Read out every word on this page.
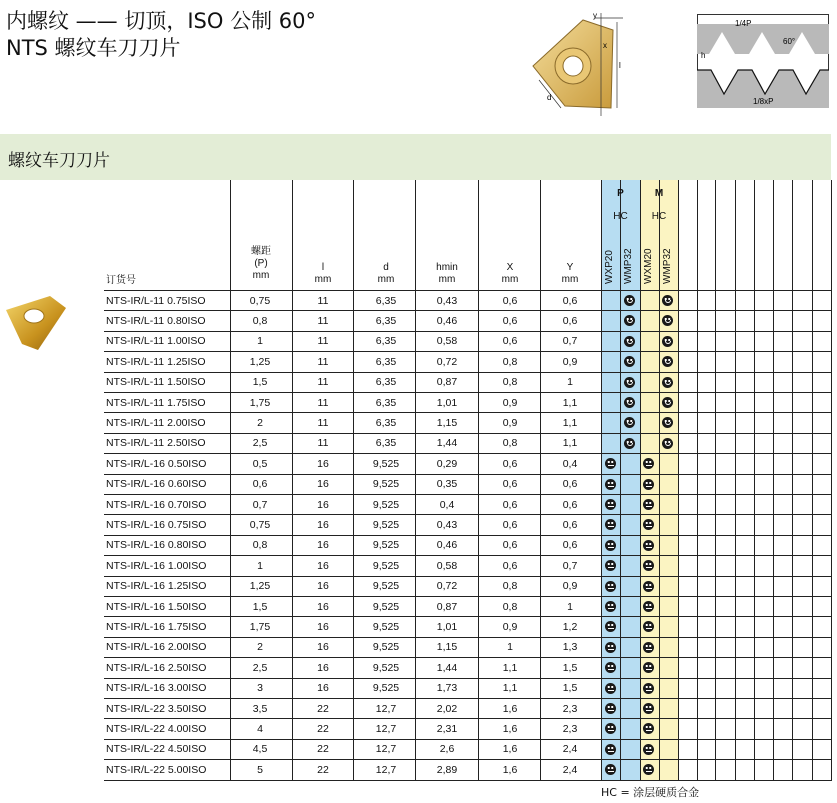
内螺纹 —— 切顶，ISO 公制 60°
NTS 螺纹车刀刀片
y
x
l
d
h
1/4P
60°
1/8xP
螺纹车刀刀片
订货号
螺距
(P)
mm
l
mm
d
mm
hmin
mm
X
mm
Y
mm
P
HC
M
HC
WXP20 WMP32 WXM20 WMP32
NTS-IR/L-11 0.75ISO	0,75	11	6,35	0,43	0,6	0,6
NTS-IR/L-11 0.80ISO	0,8	11	6,35	0,46	0,6	0,6
NTS-IR/L-11 1.00ISO	1	11	6,35	0,58	0,6	0,7
NTS-IR/L-11 1.25ISO	1,25	11	6,35	0,72	0,8	0,9
NTS-IR/L-11 1.50ISO	1,5	11	6,35	0,87	0,8	1
NTS-IR/L-11 1.75ISO	1,75	11	6,35	1,01	0,9	1,1
NTS-IR/L-11 2.00ISO	2	11	6,35	1,15	0,9	1,1
NTS-IR/L-11 2.50ISO	2,5	11	6,35	1,44	0,8	1,1
NTS-IR/L-16 0.50ISO	0,5	16	9,525	0,29	0,6	0,4
NTS-IR/L-16 0.60ISO	0,6	16	9,525	0,35	0,6	0,6
NTS-IR/L-16 0.70ISO	0,7	16	9,525	0,4	0,6	0,6
NTS-IR/L-16 0.75ISO	0,75	16	9,525	0,43	0,6	0,6
NTS-IR/L-16 0.80ISO	0,8	16	9,525	0,46	0,6	0,6
NTS-IR/L-16 1.00ISO	1	16	9,525	0,58	0,6	0,7
NTS-IR/L-16 1.25ISO	1,25	16	9,525	0,72	0,8	0,9
NTS-IR/L-16 1.50ISO	1,5	16	9,525	0,87	0,8	1
NTS-IR/L-16 1.75ISO	1,75	16	9,525	1,01	0,9	1,2
NTS-IR/L-16 2.00ISO	2	16	9,525	1,15	1	1,3
NTS-IR/L-16 2.50ISO	2,5	16	9,525	1,44	1,1	1,5
NTS-IR/L-16 3.00ISO	3	16	9,525	1,73	1,1	1,5
NTS-IR/L-22 3.50ISO	3,5	22	12,7	2,02	1,6	2,3
NTS-IR/L-22 4.00ISO	4	22	12,7	2,31	1,6	2,3
NTS-IR/L-22 4.50ISO	4,5	22	12,7	2,6	1,6	2,4
NTS-IR/L-22 5.00ISO	5	22	12,7	2,89	1,6	2,4
HC = 涂层硬质合金
